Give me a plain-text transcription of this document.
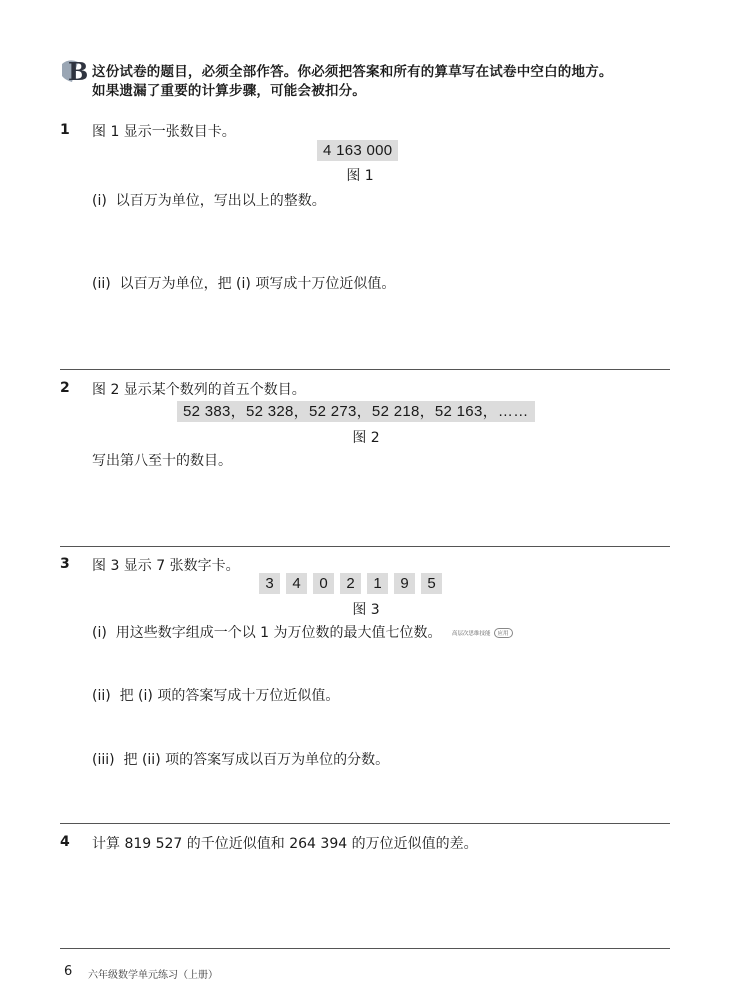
B 这份试卷的题目，必须全部作答。你必须把答案和所有的算草写在试卷中空白的地方。
如果遗漏了重要的计算步骤，可能会被扣分。
1 图 1 显示一张数目卡。
4 163 000
图 1
(i) 以百万为单位，写出以上的整数。
(ii) 以百万为单位，把 (i) 项写成十万位近似值。
2 图 2 显示某个数列的首五个数目。
52 383，52 328，52 273，52 218，52 163，……
图 2
写出第八至十的数目。
3 图 3 显示 7 张数字卡。
3	4	0	2	1	9	5
图 3
(i) 用这些数字组成一个以 1 为万位数的最大值七位数。 高层次思维技能	应用
(ii) 把 (i) 项的答案写成十万位近似值。
(iii) 把 (ii) 项的答案写成以百万为单位的分数。
4 计算 819 527 的千位近似值和 264 394 的万位近似值的差。
6 六年级数学单元练习（上册）
